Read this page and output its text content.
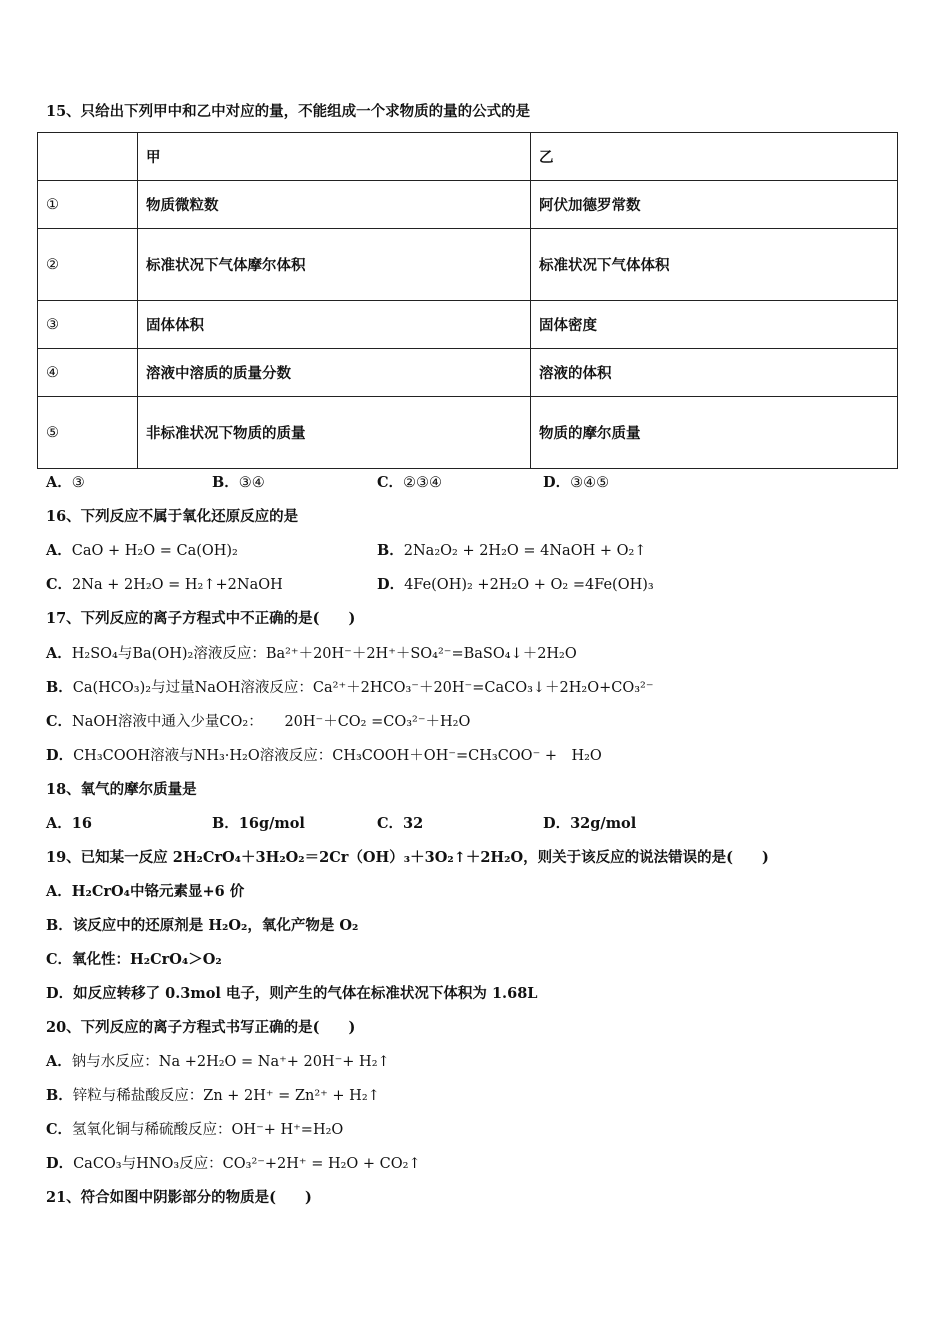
15、只给出下列甲中和乙中对应的量，不能组成一个求物质的量的公式的是
	甲	乙
①	物质微粒数	阿伏加德罗常数
②	标准状况下气体摩尔体积	标准状况下气体体积
③	固体体积	固体密度
④	溶液中溶质的质量分数	溶液的体积
⑤	非标准状况下物质的质量	物质的摩尔质量
A．③	B．③④	C．②③④	D．③④⑤
16、下列反应不属于氧化还原反应的是
A．CaO + H₂O = Ca(OH)₂	B．2Na₂O₂ + 2H₂O = 4NaOH + O₂↑
C．2Na + 2H₂O = H₂↑+2NaOH	D．4Fe(OH)₂ +2H₂O + O₂ =4Fe(OH)₃
17、下列反应的离子方程式中不正确的是(　　)
A．H₂SO₄与Ba(OH)₂溶液反应：Ba²⁺＋20H⁻＋2H⁺＋SO₄²⁻=BaSO₄↓＋2H₂O
B．Ca(HCO₃)₂与过量NaOH溶液反应：Ca²⁺＋2HCO₃⁻＋20H⁻=CaCO₃↓＋2H₂O+CO₃²⁻
C．NaOH溶液中通入少量CO₂：　　20H⁻＋CO₂ =CO₃²⁻＋H₂O
D．CH₃COOH溶液与NH₃·H₂O溶液反应：CH₃COOH＋OH⁻=CH₃COO⁻ +　H₂O
18、氧气的摩尔质量是
A．16	B．16g/mol	C．32	D．32g/mol
19、已知某一反应 2H₂CrO₄＋3H₂O₂＝2Cr（OH）₃＋3O₂↑＋2H₂O，则关于该反应的说法错误的是(　　)
A．H₂CrO₄中铬元素显+6 价
B．该反应中的还原剂是 H₂O₂，氧化产物是 O₂
C．氧化性：H₂CrO₄＞O₂
D．如反应转移了 0.3mol 电子，则产生的气体在标准状况下体积为 1.68L
20、下列反应的离子方程式书写正确的是(　　)
A．钠与水反应：Na +2H₂O = Na⁺+ 20H⁻+ H₂↑
B．锌粒与稀盐酸反应：Zn + 2H⁺ = Zn²⁺ + H₂↑
C．氢氧化铜与稀硫酸反应：OH⁻+ H⁺=H₂O
D．CaCO₃与HNO₃反应：CO₃²⁻+2H⁺ = H₂O + CO₂↑
21、符合如图中阴影部分的物质是(　　)
